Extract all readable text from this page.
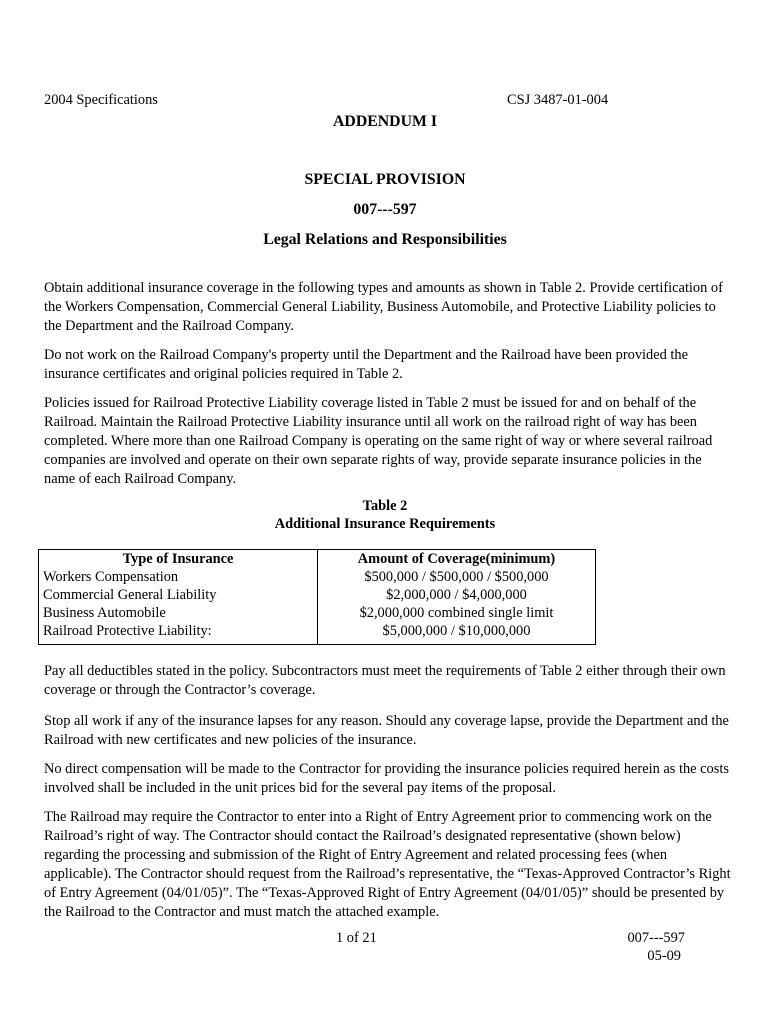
2004 Specifications	CSJ 3487-01-004
ADDENDUM I
SPECIAL PROVISION
007---597
Legal Relations and Responsibilities

Obtain additional insurance coverage in the following types and amounts as shown in Table 2. Provide certification of the Workers Compensation, Commercial General Liability, Business Automobile, and Protective Liability policies to the Department and the Railroad Company.

Do not work on the Railroad Company's property until the Department and the Railroad have been provided the insurance certificates and original policies required in Table 2.

Policies issued for Railroad Protective Liability coverage listed in Table 2 must be issued for and on behalf of the Railroad. Maintain the Railroad Protective Liability insurance until all work on the railroad right of way has been completed. Where more than one Railroad Company is operating on the same right of way or where several railroad companies are involved and operate on their own separate rights of way, provide separate insurance policies in the name of each Railroad Company.

Table 2
Additional Insurance Requirements
Type of Insurance	Amount of Coverage(minimum)
Workers Compensation	$500,000 / $500,000 / $500,000
Commercial General Liability	$2,000,000 / $4,000,000
Business Automobile	$2,000,000 combined single limit
Railroad Protective Liability:	$5,000,000 / $10,000,000

Pay all deductibles stated in the policy. Subcontractors must meet the requirements of Table 2 either through their own coverage or through the Contractor’s coverage.

Stop all work if any of the insurance lapses for any reason. Should any coverage lapse, provide the Department and the Railroad with new certificates and new policies of the insurance.

No direct compensation will be made to the Contractor for providing the insurance policies required herein as the costs involved shall be included in the unit prices bid for the several pay items of the proposal.

The Railroad may require the Contractor to enter into a Right of Entry Agreement prior to commencing work on the Railroad’s right of way. The Contractor should contact the Railroad’s designated representative (shown below) regarding the processing and submission of the Right of Entry Agreement and related processing fees (when applicable). The Contractor should request from the Railroad’s representative, the “Texas-Approved Contractor’s Right of Entry Agreement (04/01/05)”. The “Texas-Approved Right of Entry Agreement (04/01/05)” should be presented by the Railroad to the Contractor and must match the attached example.

1 of 21	007---597
05-09
